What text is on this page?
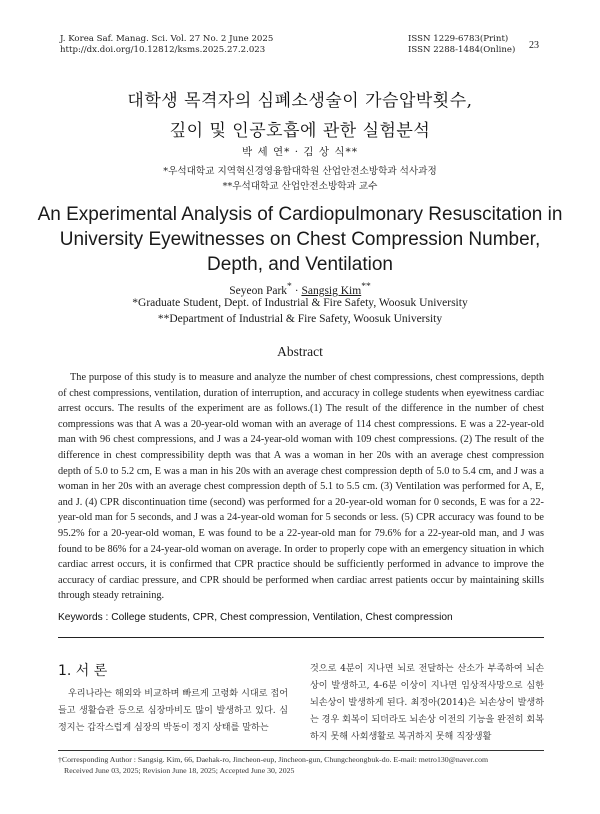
J. Korea Saf. Manag. Sci. Vol. 27 No. 2 June 2025
http://dx.doi.org/10.12812/ksms.2025.27.2.023
ISSN 1229-6783(Print)
ISSN 2288-1484(Online) 23
대학생 목격자의 심폐소생술이 가슴압박횟수,
깊이 및 인공호흡에 관한 실험분석
박 세 연* · 김 상 식**
*우석대학교 지역혁신경영융합대학원 산업안전소방학과 석사과정
**우석대학교 산업안전소방학과 교수
An Experimental Analysis of Cardiopulmonary Resuscitation in
University Eyewitnesses on Chest Compression Number,
Depth, and Ventilation
Seyeon Park* · Sangsig Kim**
*Graduate Student, Dept. of Industrial & Fire Safety, Woosuk University
**Department of Industrial & Fire Safety, Woosuk University
Abstract
The purpose of this study is to measure and analyze the number of chest compressions, chest compressions, depth of chest compressions, ventilation, duration of interruption, and accuracy in college students when eyewitness cardiac arrest occurs. The results of the experiment are as follows.(1) The result of the difference in the number of chest compressions was that A was a 20-year-old woman with an average of 114 chest compressions. E was a 22-year-old man with 96 chest compressions, and J was a 24-year-old woman with 109 chest compressions. (2) The result of the difference in chest compressibility depth was that A was a woman in her 20s with an average chest compression depth of 5.0 to 5.2 cm, E was a man in his 20s with an average chest compression depth of 5.0 to 5.4 cm, and J was a woman in her 20s with an average chest compression depth of 5.1 to 5.5 cm. (3) Ventilation was performed for A, E, and J. (4) CPR discontinuation time (second) was performed for a 20-year-old woman for 0 seconds, E was for a 22-year-old man for 5 seconds, and J was a 24-year-old woman for 5 seconds or less. (5) CPR accuracy was found to be 95.2% for a 20-year-old woman, E was found to be a 22-year-old man for 79.6% for a 22-year-old man, and J was found to be 86% for a 24-year-old woman on average. In order to properly cope with an emergency situation in which cardiac arrest occurs, it is confirmed that CPR practice should be sufficiently performed in advance to improve the accuracy of cardiac pressure, and CPR should be performed when cardiac arrest patients occur by maintaining skills through steady retraining.
Keywords : College students, CPR, Chest compression, Ventilation, Chest compression
1. 서 론
우리나라는 해외와 비교하며 빠르게 고령화 시대로 접어들고 생활습관 등으로 심장마비도 많이 발생하고 있다. 심정지는 갑작스럽게 심장의 박동이 정지 상태를 말하는
것으로 4분이 지나면 뇌로 전달하는 산소가 부족하여 뇌손상이 발생하고, 4-6분 이상이 지나면 임상적사망으로 심한 뇌손상이 발생하게 된다. 최정아(2014)은 뇌손상이 발생하는 경우 회복이 되더라도 뇌손상 이전의 기능을 완전히 회복하지 못해 사회생활로 복귀하지 못해 직장생활
†Corresponding Author : Sangsig. Kim, 66, Daehak-ro, Jincheon-eup, Jincheon-gun, Chungcheongbuk-do. E-mail: metro130@naver.com
Received June 03, 2025; Revision June 18, 2025; Accepted June 30, 2025
